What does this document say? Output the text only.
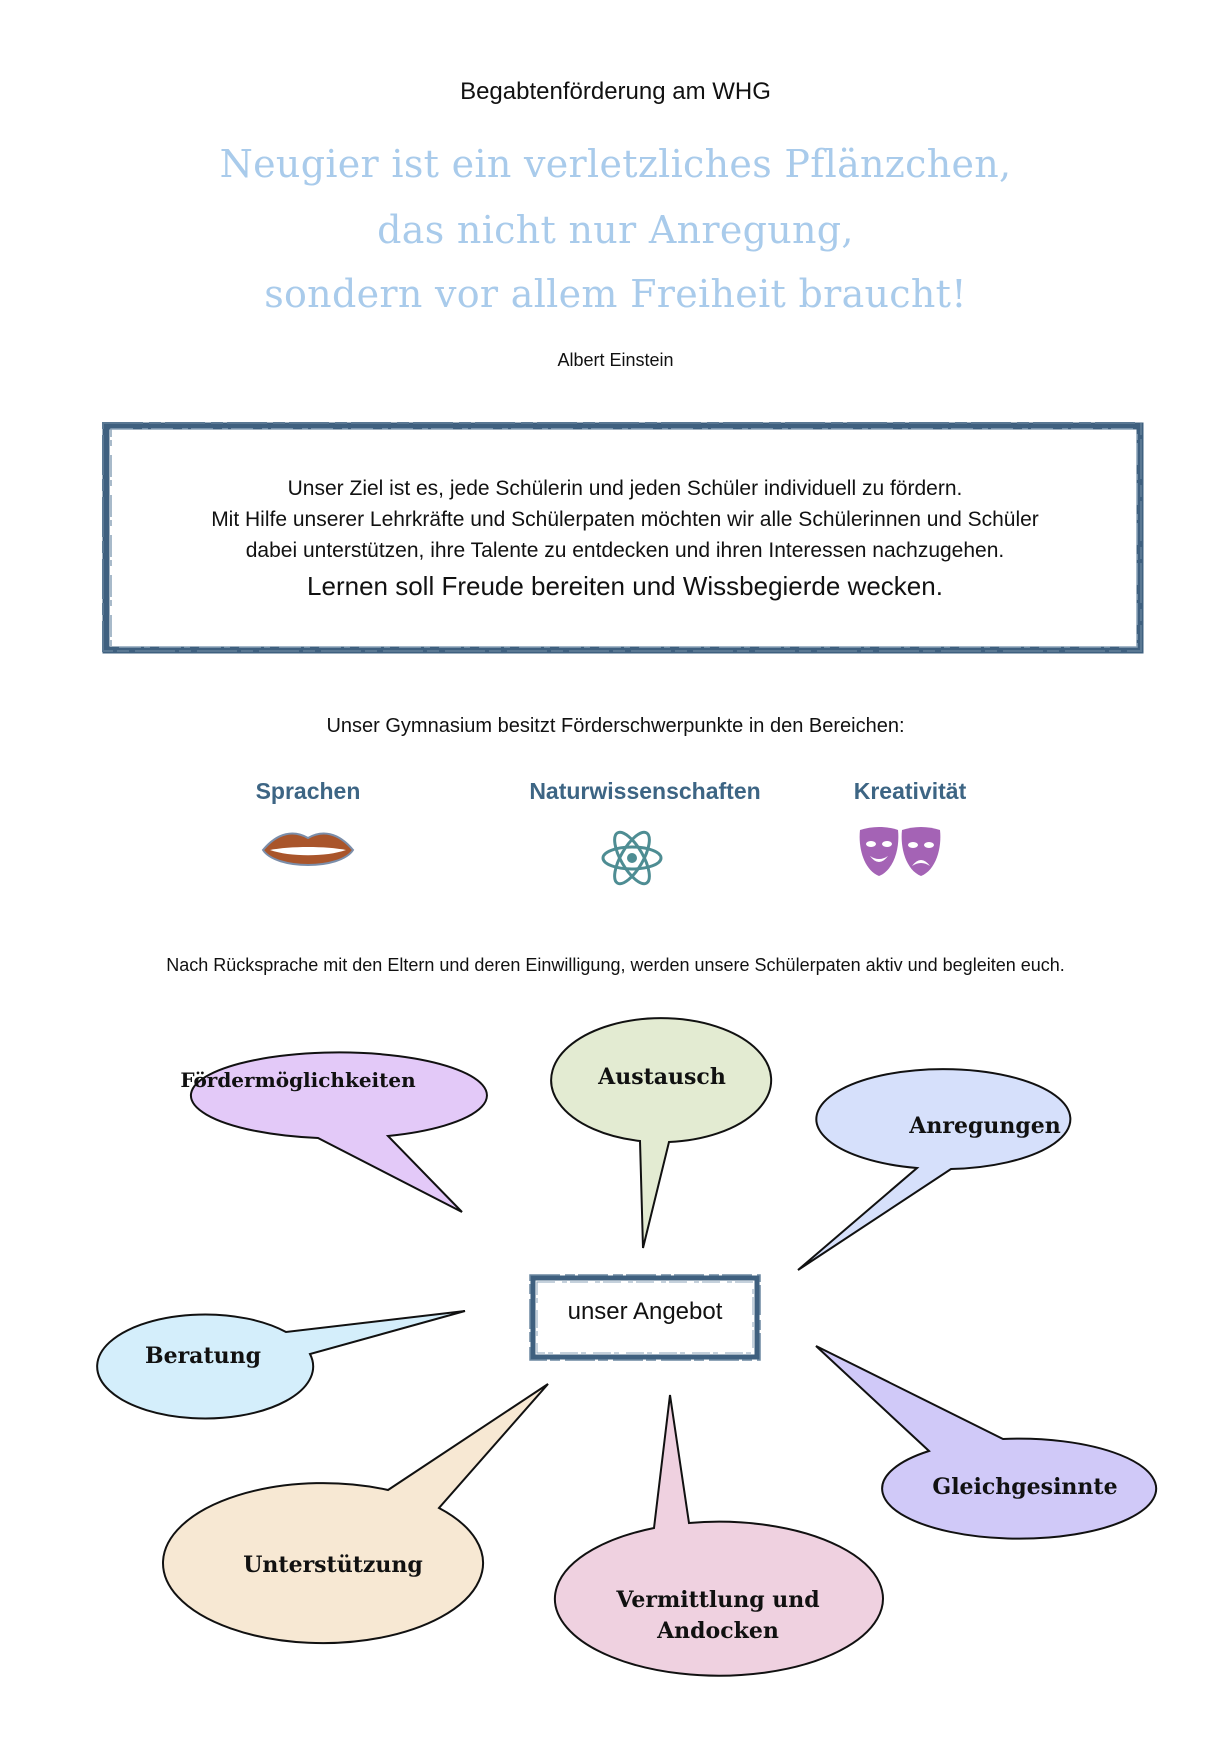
Begabtenförderung am WHG
Neugier ist ein verletzliches Pflänzchen,
das nicht nur Anregung,
sondern vor allem Freiheit braucht!
Albert Einstein
Unser Ziel ist es, jede Schülerin und jeden Schüler individuell zu fördern.
Mit Hilfe unserer Lehrkräfte und Schülerpaten möchten wir alle Schülerinnen und Schüler
dabei unterstützen, ihre Talente zu entdecken und ihren Interessen nachzugehen.
Lernen soll Freude bereiten und Wissbegierde wecken.
Unser Gymnasium besitzt Förderschwerpunkte in den Bereichen:
Sprachen	Naturwissenschaften	Kreativität
Nach Rücksprache mit den Eltern und deren Einwilligung, werden unsere Schülerpaten aktiv und begleiten euch.
Fördermöglichkeiten	Austausch
Anregungen
Beratung
Gleichgesinnte
Unterstützung
Vermittlung und
Andocken
unser Angebot
